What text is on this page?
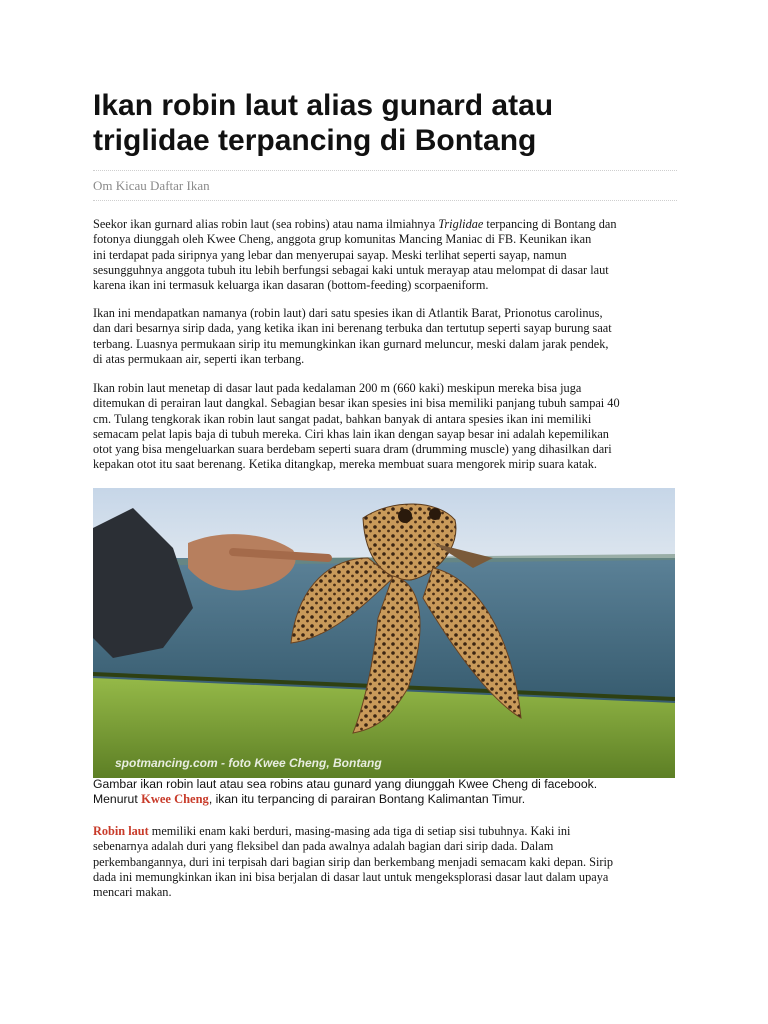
Ikan robin laut alias gunard atau
triglidae terpancing di Bontang
Om Kicau Daftar Ikan

Seekor ikan gurnard alias robin laut (sea robins) atau nama ilmiahnya Triglidae terpancing di Bontang dan
fotonya diunggah oleh Kwee Cheng, anggota grup komunitas Mancing Maniac di FB. Keunikan ikan
ini terdapat pada siripnya yang lebar dan menyerupai sayap. Meski terlihat seperti sayap, namun
sesungguhnya anggota tubuh itu lebih berfungsi sebagai kaki untuk merayap atau melompat di dasar laut
karena ikan ini termasuk keluarga ikan dasaran (bottom-feeding) scorpaeniform.

Ikan ini mendapatkan namanya (robin laut) dari satu spesies ikan di Atlantik Barat, Prionotus carolinus,
dan dari besarnya sirip dada, yang ketika ikan ini berenang terbuka dan tertutup seperti sayap burung saat
terbang. Luasnya permukaan sirip itu memungkinkan ikan gurnard meluncur, meski dalam jarak pendek,
di atas permukaan air, seperti ikan terbang.

Ikan robin laut menetap di dasar laut pada kedalaman 200 m (660 kaki) meskipun mereka bisa juga
ditemukan di perairan laut dangkal. Sebagian besar ikan spesies ini bisa memiliki panjang tubuh sampai 40
cm. Tulang tengkorak ikan robin laut sangat padat, bahkan banyak di antara spesies ikan ini memiliki
semacam pelat lapis baja di tubuh mereka. Ciri khas lain ikan dengan sayap besar ini adalah kepemilikan
otot yang bisa mengeluarkan suara berdebam seperti suara dram (drumming muscle) yang dihasilkan dari
kepakan otot itu saat berenang. Ketika ditangkap, mereka membuat suara mengorek mirip suara katak.

spotmancing.com - foto Kwee Cheng, Bontang
Gambar ikan robin laut atau sea robins atau gunard yang diunggah Kwee Cheng di facebook.
Menurut Kwee Cheng, ikan itu terpancing di parairan Bontang Kalimantan Timur.

Robin laut memiliki enam kaki berduri, masing-masing ada tiga di setiap sisi tubuhnya. Kaki ini
sebenarnya adalah duri yang fleksibel dan pada awalnya adalah bagian dari sirip dada. Dalam
perkembangannya, duri ini terpisah dari bagian sirip dan berkembang menjadi semacam kaki depan. Sirip
dada ini memungkinkan ikan ini bisa berjalan di dasar laut untuk mengeksplorasi dasar laut dalam upaya
mencari makan.
